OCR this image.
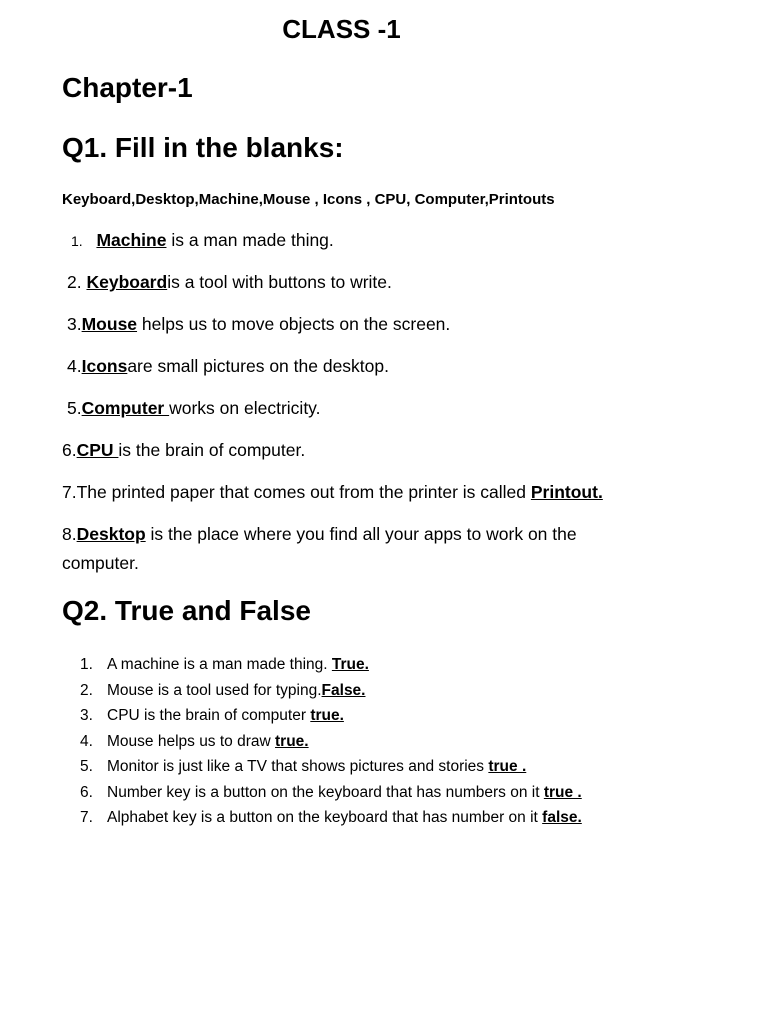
CLASS -1
Chapter-1
Q1. Fill in the blanks:
Keyboard,Desktop,Machine,Mouse , Icons , CPU, Computer,Printouts
1. Machine is a man made thing.
2. Keyboardis a tool with buttons to write.
3.Mouse helps us to move objects on the screen.
4.Iconsare small pictures on the desktop.
5.Computer works on electricity.
6.CPU is the brain of computer.
7.The printed paper that comes out from the printer is called Printout.
8.Desktop is the place where you find all your apps to work on the
computer.
Q2. True and False
1. A machine is a man made thing. True.
2. Mouse is a tool used for typing.False.
3. CPU is the brain of computer true.
4. Mouse helps us to draw true.
5. Monitor is just like a TV that shows pictures and stories true .
6. Number key is a button on the keyboard that has numbers on it true .
7. Alphabet key is a button on the keyboard that has number on it false.
